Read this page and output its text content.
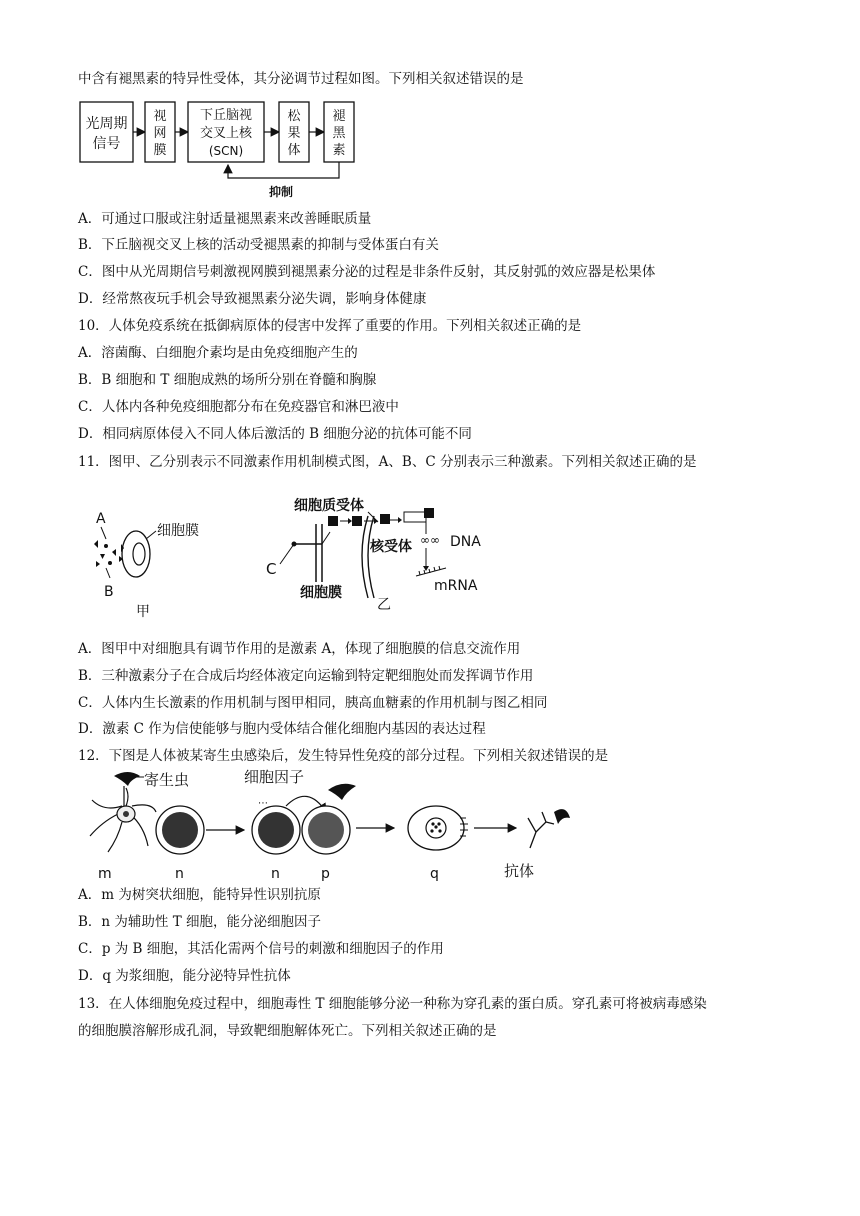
中含有褪黑素的特异性受体，其分泌调节过程如图。下列相关叙述错误的是
光周期
信号
视
网
膜
下丘脑视
交叉上核
(SCN)
松
果
体
褪
黑
素
抑制
A．可通过口服或注射适量褪黑素来改善睡眠质量
B．下丘脑视交叉上核的活动受褪黑素的抑制与受体蛋白有关
C．图中从光周期信号刺激视网膜到褪黑素分泌的过程是非条件反射，其反射弧的效应器是松果体
D．经常熬夜玩手机会导致褪黑素分泌失调，影响身体健康
10．人体免疫系统在抵御病原体的侵害中发挥了重要的作用。下列相关叙述正确的是
A．溶菌酶、白细胞介素均是由免疫细胞产生的
B．B 细胞和 T 细胞成熟的场所分别在脊髓和胸腺
C．人体内各种免疫细胞都分布在免疫器官和淋巴液中
D．相同病原体侵入不同人体后激活的 B 细胞分泌的抗体可能不同
11．图甲、乙分别表示不同激素作用机制模式图，A、B、C 分别表示三种激素。下列相关叙述正确的是
A
B
细胞膜
甲
细胞质受体
C
细胞膜
核受体 ∞∞ DNA
mRNA
乙
A．图甲中对细胞具有调节作用的是激素 A，体现了细胞膜的信息交流作用
B．三种激素分子在合成后均经体液定向运输到特定靶细胞处而发挥调节作用
C．人体内生长激素的作用机制与图甲相同，胰高血糖素的作用机制与图乙相同
D．激素 C 作为信使能够与胞内受体结合催化细胞内基因的表达过程
12．下图是人体被某寄生虫感染后，发生特异性免疫的部分过程。下列相关叙述错误的是
寄生虫
m	n
细胞因子
n
⋯
p	q	抗体
A．m 为树突状细胞，能特异性识别抗原
B．n 为辅助性 T 细胞，能分泌细胞因子
C．p 为 B 细胞，其活化需两个信号的刺激和细胞因子的作用
D．q 为浆细胞，能分泌特异性抗体
13．在人体细胞免疫过程中，细胞毒性 T 细胞能够分泌一种称为穿孔素的蛋白质。穿孔素可将被病毒感染
的细胞膜溶解形成孔洞，导致靶细胞解体死亡。下列相关叙述正确的是
